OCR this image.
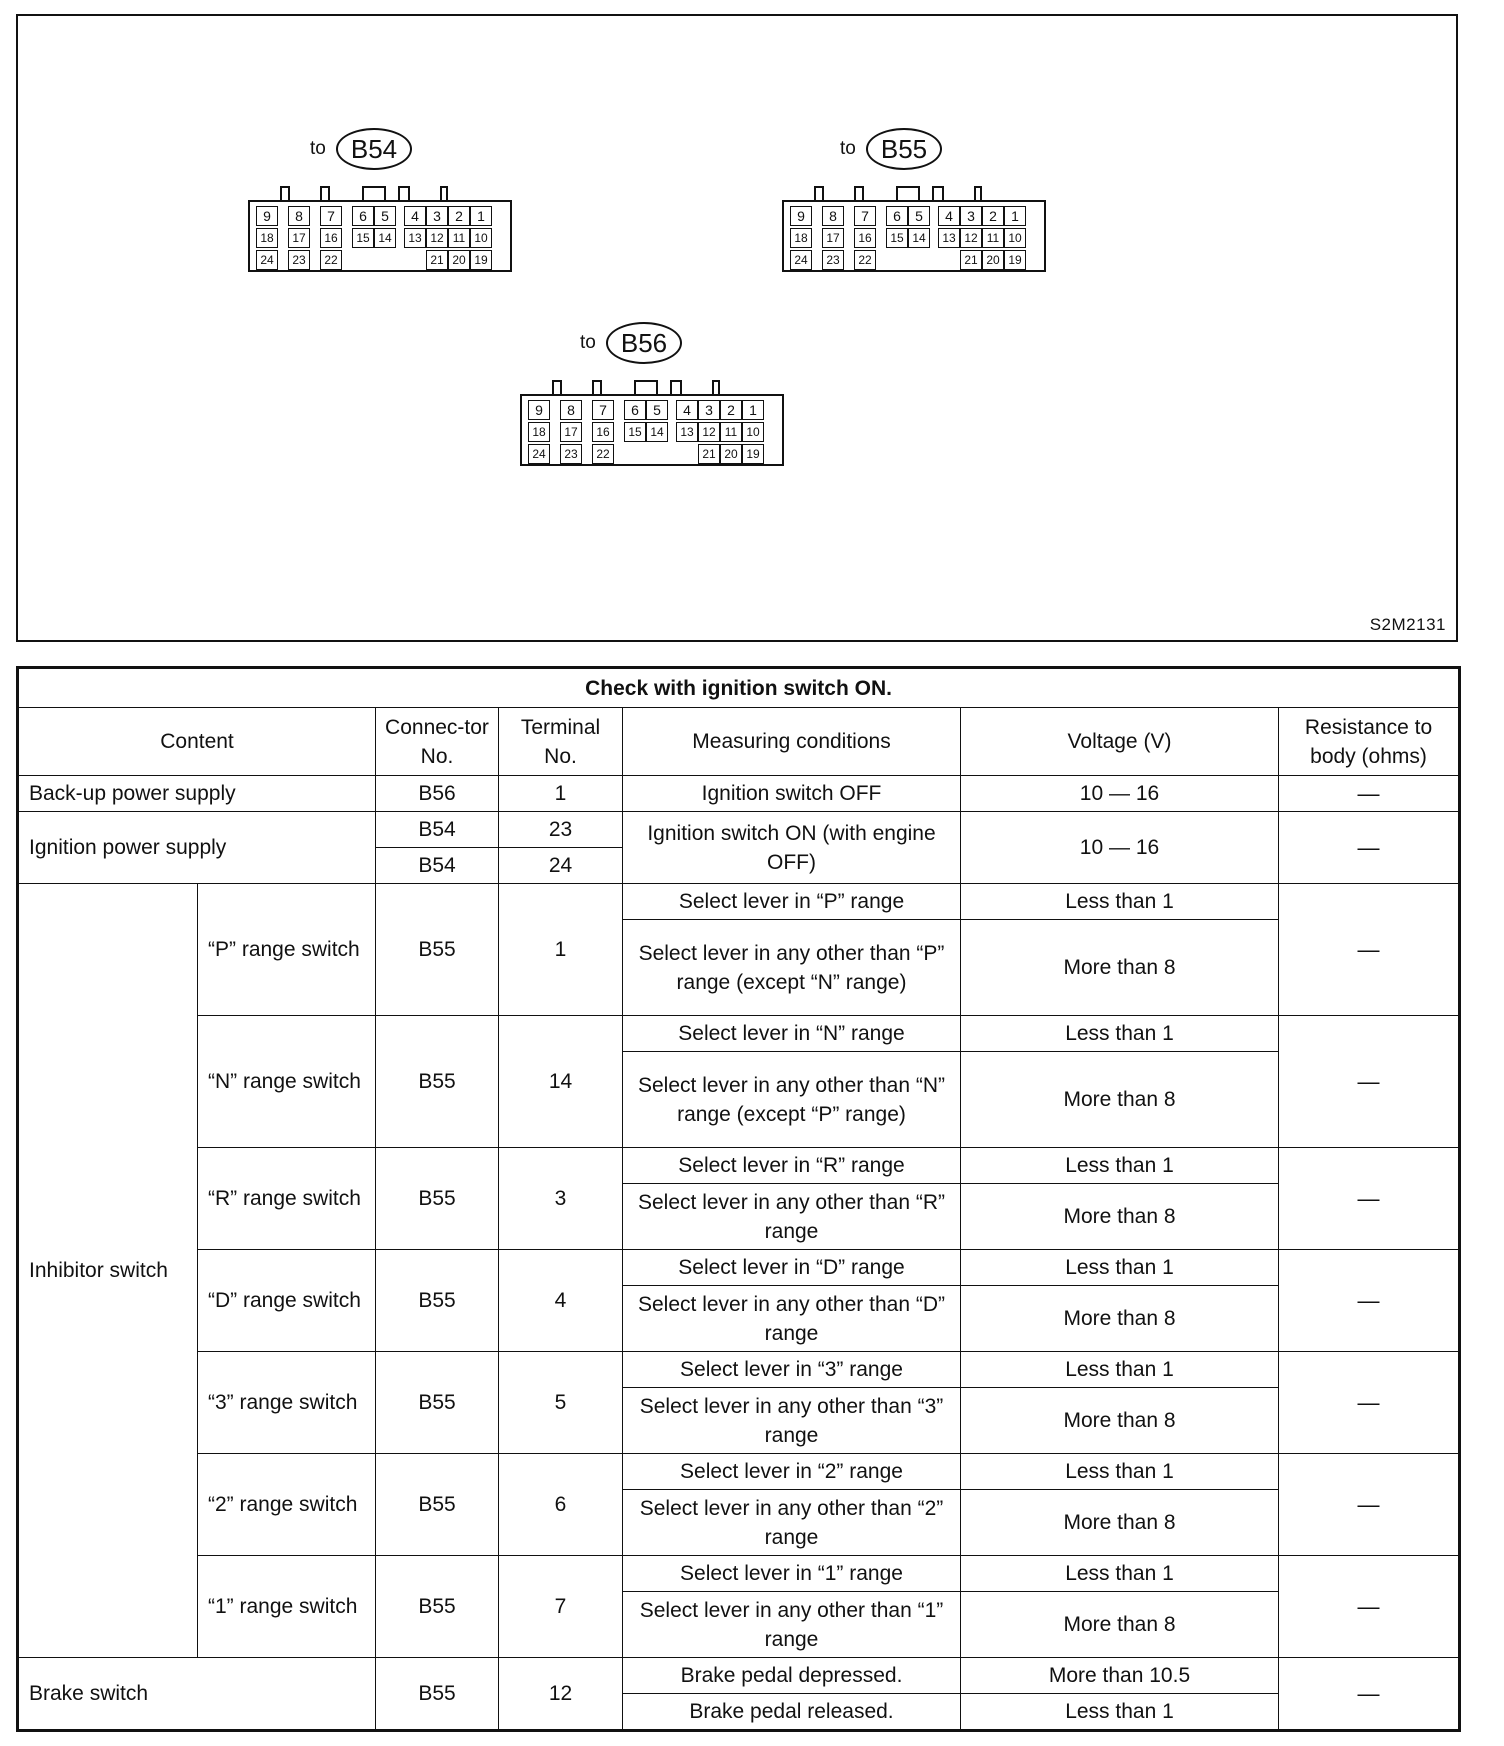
to B54
9	8	7	6	5	4	3	2	1
18	17	16	15 14	13 12 11 10
24	23	22	21 20 19
to B55
9	8	7	6	5	4	3	2	1
18	17	16	15 14	13 12 11 10
24	23	22	21 20 19
to B56
9	8	7	6	5	4	3	2	1
18	17	16	15 14	13 12 11 10
24	23	22	21 20 19
S2M2131
Check with ignition switch ON.						
Content		Connec-tor No.	Terminal No.	Measuring conditions	Voltage (V)	Resistance to body (ohms)
Back-up power supply		B56	1	Ignition switch OFF	10 — 16	—
Ignition power supply		B54	23	Ignition switch ON (with engine OFF)	10 — 16	—
		B54	24			
Inhibitor switch	“P” range switch	B55	1	Select lever in “P” range	Less than 1	—
				Select lever in any other than “P” range (except “N” range)	More than 8	
	“N” range switch	B55	14	Select lever in “N” range	Less than 1	—
				Select lever in any other than “N” range (except “P” range)	More than 8	
	“R” range switch	B55	3	Select lever in “R” range	Less than 1	—
				Select lever in any other than “R” range	More than 8	
	“D” range switch	B55	4	Select lever in “D” range	Less than 1	—
				Select lever in any other than “D” range	More than 8	
	“3” range switch	B55	5	Select lever in “3” range	Less than 1	—
				Select lever in any other than “3” range	More than 8	
	“2” range switch	B55	6	Select lever in “2” range	Less than 1	—
				Select lever in any other than “2” range	More than 8	
	“1” range switch	B55	7	Select lever in “1” range	Less than 1	—
				Select lever in any other than “1” range	More than 8	
Brake switch		B55	12	Brake pedal depressed.	More than 10.5	—
				Brake pedal released.	Less than 1	
